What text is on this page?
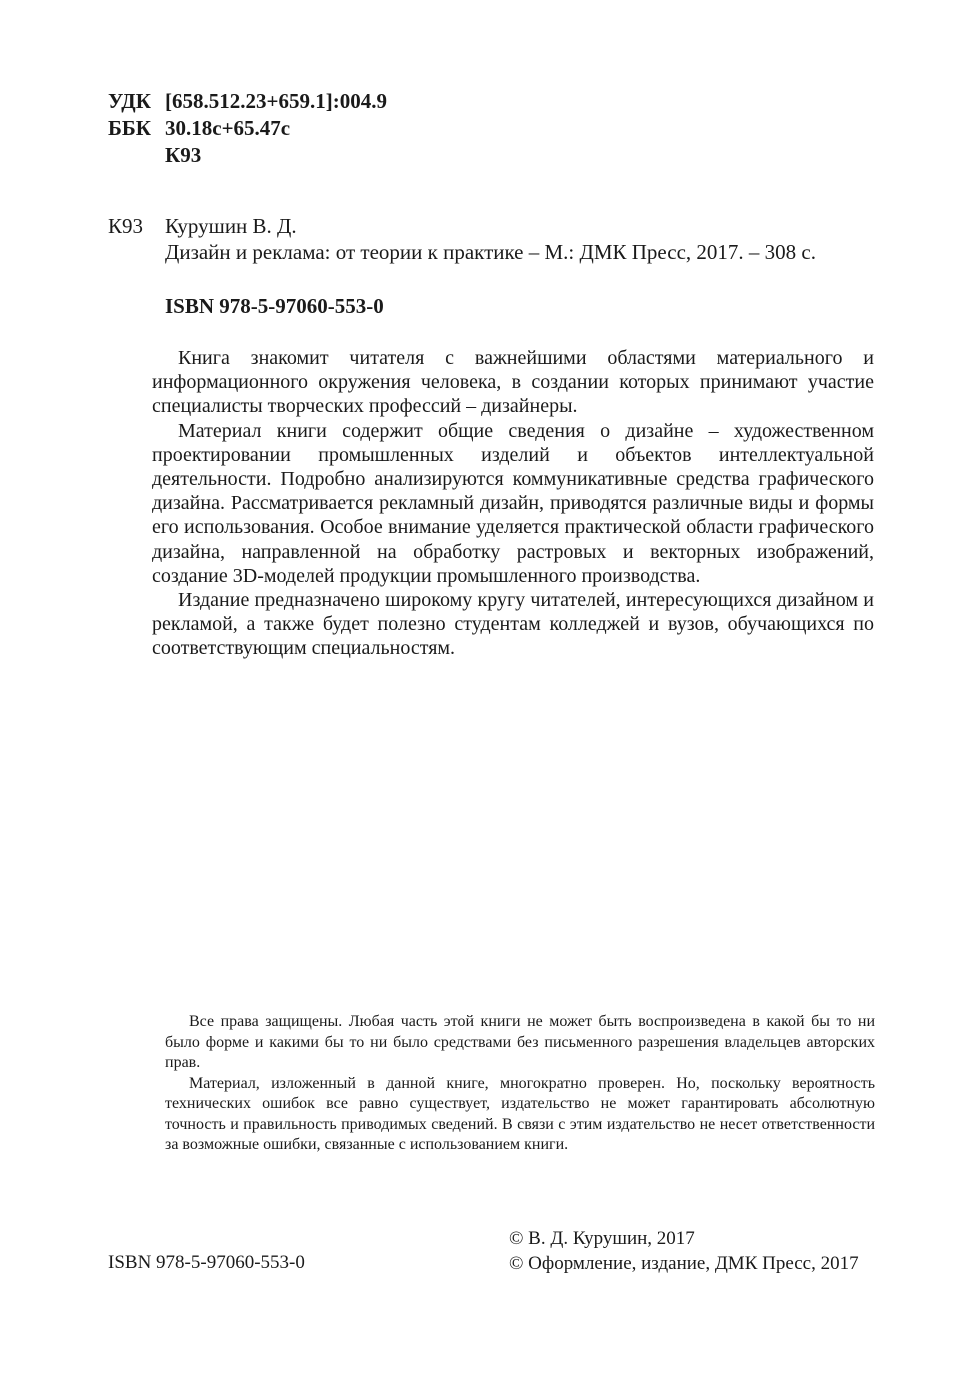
УДК [658.512.23+659.1]:004.9
ББК 30.18с+65.47с
К93
К93	Курушин В. Д.
Дизайн и реклама: от теории к практике – М.: ДМК Пресс, 2017. – 308 с.
ISBN 978-5-97060-553-0

Книга знакомит читателя с важнейшими областями материального и информационного окружения человека, в создании которых принимают участие специалисты творческих профессий – дизайнеры.

Материал книги содержит общие сведения о дизайне – художественном проектировании промышленных изделий и объектов интеллектуальной деятельности. Подробно анализируются коммуникативные средства графического дизайна. Рассматривается рекламный дизайн, приводятся различные виды и формы его использования. Особое внимание уделяется практической области графического дизайна, направленной на обработку растровых и векторных изображений, создание 3D-моделей продукции промышленного производства.

Издание предназначено широкому кругу читателей, интересующихся дизайном и рекламой, а также будет полезно студентам колледжей и вузов, обучающихся по соответствующим специальностям.

Все права защищены. Любая часть этой книги не может быть воспроизведена в какой бы то ни было форме и какими бы то ни было средствами без письменного разрешения владельцев авторских прав.

Материал, изложенный в данной книге, многократно проверен. Но, поскольку вероятность технических ошибок все равно существует, издательство не может гарантировать абсолютную точность и правильность приводимых сведений. В связи с этим издательство не несет ответственности за возможные ошибки, связанные с использованием книги.

ISBN 978-5-97060-553-0
© В. Д. Курушин, 2017
© Оформление, издание, ДМК Пресс, 2017
